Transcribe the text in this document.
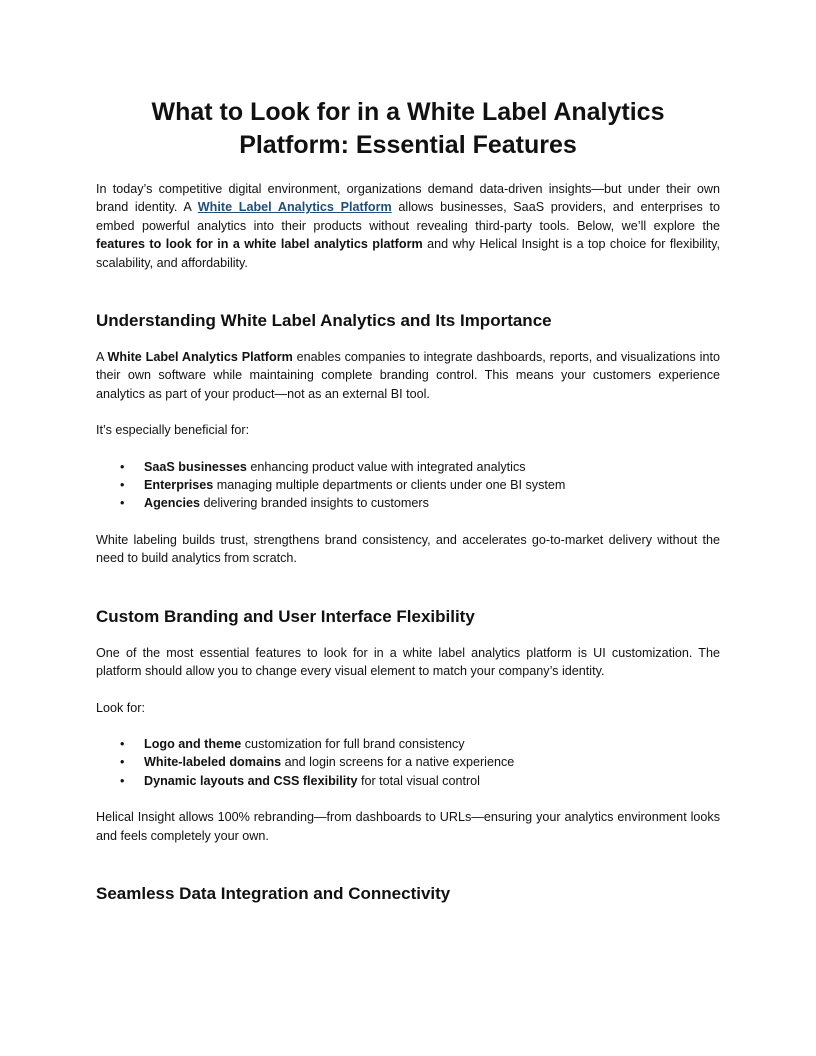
What to Look for in a White Label Analytics Platform: Essential Features

In today’s competitive digital environment, organizations demand data-driven insights—but under their own brand identity. A White Label Analytics Platform allows businesses, SaaS providers, and enterprises to embed powerful analytics into their products without revealing third-party tools. Below, we’ll explore the features to look for in a white label analytics platform and why Helical Insight is a top choice for flexibility, scalability, and affordability.

Understanding White Label Analytics and Its Importance

A White Label Analytics Platform enables companies to integrate dashboards, reports, and visualizations into their own software while maintaining complete branding control. This means your customers experience analytics as part of your product—not as an external BI tool.

It’s especially beneficial for:

• SaaS businesses enhancing product value with integrated analytics
• Enterprises managing multiple departments or clients under one BI system
• Agencies delivering branded insights to customers

White labeling builds trust, strengthens brand consistency, and accelerates go-to-market delivery without the need to build analytics from scratch.

Custom Branding and User Interface Flexibility

One of the most essential features to look for in a white label analytics platform is UI customization. The platform should allow you to change every visual element to match your company’s identity.

Look for:

• Logo and theme customization for full brand consistency
• White-labeled domains and login screens for a native experience
• Dynamic layouts and CSS flexibility for total visual control

Helical Insight allows 100% rebranding—from dashboards to URLs—ensuring your analytics environment looks and feels completely your own.

Seamless Data Integration and Connectivity
